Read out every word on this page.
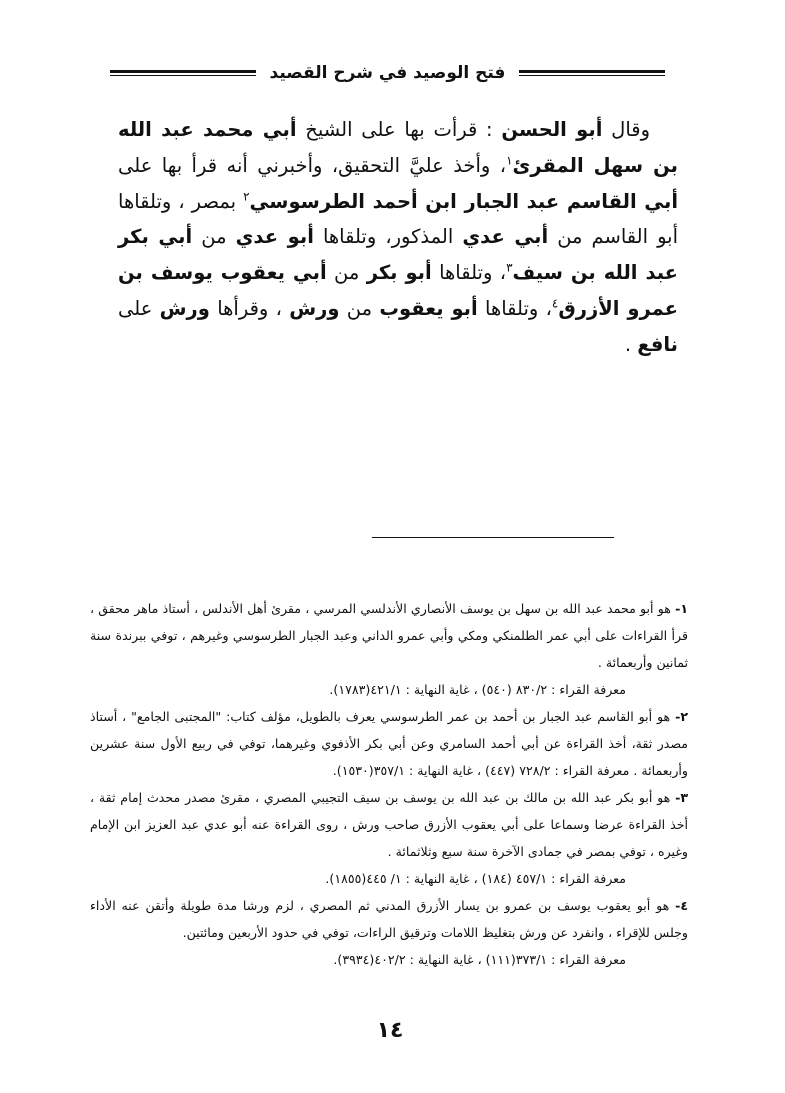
فتح الوصيد في شرح القصيد

وقال أبو الحسن : قرأت بها على الشيخ أبي محمد عبد الله بن سهل المقرئ$^١$، وأخذ عليَّ التحقيق، وأخبرني أنه قرأ بها على أبي القاسم عبد الجبار ابن أحمد الطرسوسي$^٢$ بمصر ، وتلقاها أبو القاسم من أبي عدي المذكور، وتلقاها أبو عدي من أبي بكر عبد الله بن سيف$^٣$، وتلقاها أبو بكر من أبي يعقوب يوسف بن عمرو الأزرق$^٤$، وتلقاها أبو يعقوب من ورش ، وقرأها ورش على نافع .

١- هو أبو محمد عبد الله بن سهل بن يوسف الأنصاري الأندلسي المرسي ، مقرئ أهل الأندلس ، أستاذ ماهر محقق ، قرأ القراءات على أبي عمر الطلمنكي ومكي وأبي عمرو الداني وعبد الجبار الطرسوسي وغيرهم ، توفي ببرندة سنة ثمانين وأربعمائة .

معرفة القراء : ٨٣٠/٢ (٥٤٠) ، غاية النهاية : ٤٢١/١(١٧٨٣).

٢- هو أبو القاسم عبد الجبار بن أحمد بن عمر الطرسوسي يعرف بالطويل، مؤلف كتاب: "المجتبى الجامع" ، أستاذ مصدر ثقة، أخذ القراءة عن أبي أحمد السامري وعن أبي بكر الأذفوي وغيرهما، توفي في ربيع الأول سنة عشرين وأربعمائة . معرفة القراء : ٧٢٨/٢ (٤٤٧) ، غاية النهاية : ٣٥٧/١(١٥٣٠).

٣- هو أبو بكر عبد الله بن مالك بن عبد الله بن يوسف بن سيف التجيبي المصري ، مقرئ مصدر محدث إمام ثقة ، أخذ القراءة عرضا وسماعا على أبي يعقوب الأزرق صاحب ورش ، روى القراءة عنه أبو عدي عبد العزيز ابن الإمام وغيره ، توفي بمصر في جمادى الآخرة سنة سبع وثلاثمائة .

معرفة القراء : ٤٥٧/١ (١٨٤) ، غاية النهاية : ١/ ٤٤٥(١٨٥٥).

٤- هو أبو يعقوب يوسف بن عمرو بن يسار الأزرق المدني ثم المصري ، لزم ورشا مدة طويلة وأتقن عنه الأداء وجلس للإقراء ، وانفرد عن ورش بتغليظ اللامات وترقيق الراءات، توفي في حدود الأربعين ومائتين.

معرفة القراء : ٣٧٣/١(١١١) ، غاية النهاية : ٤٠٢/٢(٣٩٣٤).

١٤
